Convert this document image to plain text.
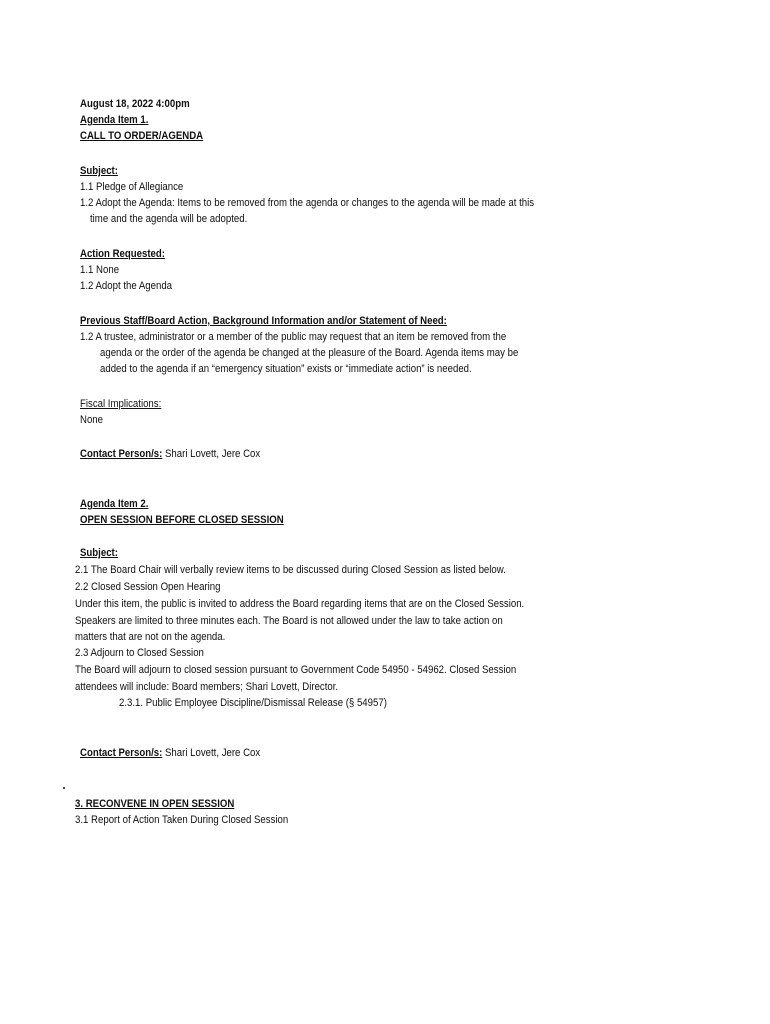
August 18, 2022 4:00pm
Agenda Item 1.
CALL TO ORDER/AGENDA
Subject:
1.1 Pledge of Allegiance
1.2 Adopt the Agenda: Items to be removed from the agenda or changes to the agenda will be made at this
time and the agenda will be adopted.
Action Requested:
1.1 None
1.2 Adopt the Agenda
Previous Staff/Board Action, Background Information and/or Statement of Need:
1.2 A trustee, administrator or a member of the public may request that an item be removed from the
agenda or the order of the agenda be changed at the pleasure of the Board. Agenda items may be
added to the agenda if an “emergency situation” exists or “immediate action” is needed.
Fiscal Implications:
None
Contact Person/s: Shari Lovett, Jere Cox
Agenda Item 2.
OPEN SESSION BEFORE CLOSED SESSION
Subject:
2.1 The Board Chair will verbally review items to be discussed during Closed Session as listed below.
2.2 Closed Session Open Hearing
Under this item, the public is invited to address the Board regarding items that are on the Closed Session.
Speakers are limited to three minutes each. The Board is not allowed under the law to take action on
matters that are not on the agenda.
2.3 Adjourn to Closed Session
The Board will adjourn to closed session pursuant to Government Code 54950 - 54962. Closed Session
attendees will include: Board members; Shari Lovett, Director.
2.3.1. Public Employee Discipline/Dismissal Release (§ 54957)
Contact Person/s: Shari Lovett, Jere Cox
3. RECONVENE IN OPEN SESSION
3.1 Report of Action Taken During Closed Session
